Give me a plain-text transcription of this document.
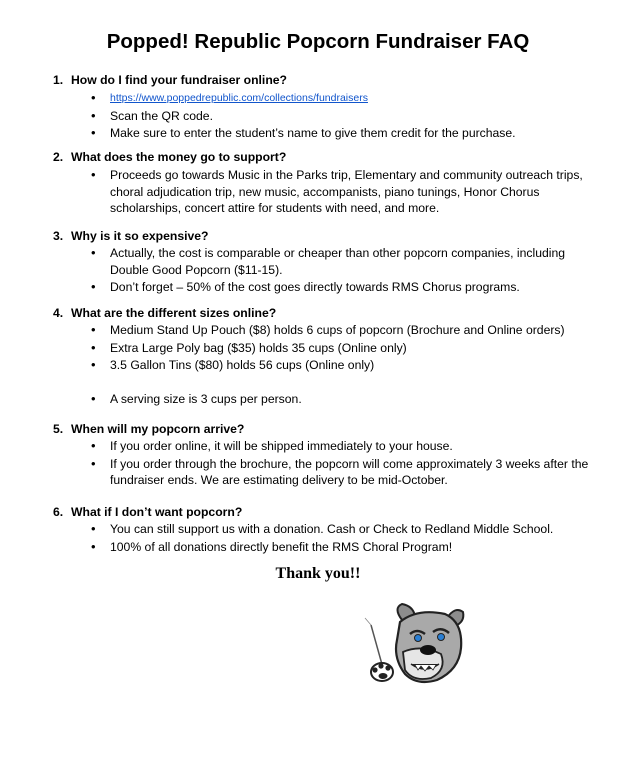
Popped! Republic Popcorn Fundraiser FAQ

1. How do I find your fundraiser online?

• https://www.poppedrepublic.com/collections/fundraisers
• Scan the QR code.
• Make sure to enter the student’s name to give them credit for the purchase.

2. What does the money go to support?

• Proceeds go towards Music in the Parks trip, Elementary and community outreach trips, choral adjudication trip, new music, accompanists, piano tunings, Honor Chorus scholarships, concert attire for students with need, and more.

3. Why is it so expensive?

• Actually, the cost is comparable or cheaper than other popcorn companies, including Double Good Popcorn ($11-15).
• Don’t forget – 50% of the cost goes directly towards RMS Chorus programs.

4. What are the different sizes online?

• Medium Stand Up Pouch ($8) holds 6 cups of popcorn (Brochure and Online orders)
• Extra Large Poly bag ($35) holds 35 cups (Online only)
• 3.5 Gallon Tins ($80) holds 56 cups (Online only)
• A serving size is 3 cups per person.

5. When will my popcorn arrive?

• If you order online, it will be shipped immediately to your house.
• If you order through the brochure, the popcorn will come approximately 3 weeks after the fundraiser ends. We are estimating delivery to be mid-October.

6. What if I don’t want popcorn?

• You can still support us with a donation. Cash or Check to Redland Middle School.
• 100% of all donations directly benefit the RMS Choral Program!
Thank you!!
